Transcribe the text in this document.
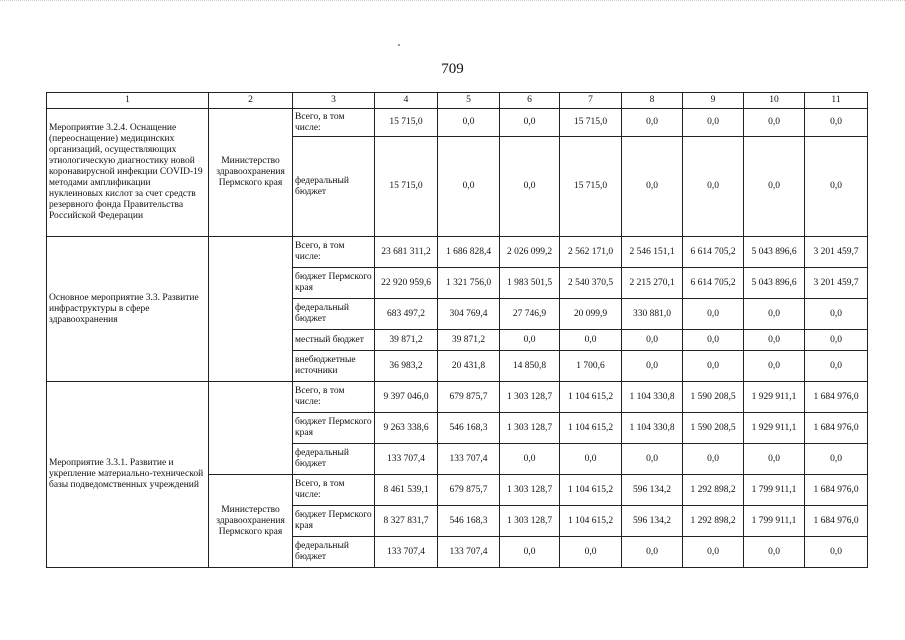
709
1	2	3	4	5	6	7	8	9	10	11
Мероприятие 3.2.4. Оснащение (переоснащение) медицинских организаций, осуществляющих этиологическую диагностику новой коронавирусной инфекции COVID-19 методами амплификации нуклеиновых кислот за счет средств резервного фонда Правительства Российской Федерации	Министерство здравоохранения Пермского края	Всего, в том числе:	15 715,0	0,0	0,0	15 715,0	0,0	0,0	0,0	0,0
		федеральный бюджет	15 715,0	0,0	0,0	15 715,0	0,0	0,0	0,0	0,0
Основное мероприятие 3.3. Развитие инфраструктуры в сфере здравоохранения		Всего, в том числе:	23 681 311,2	1 686 828,4	2 026 099,2	2 562 171,0	2 546 151,1	6 614 705,2	5 043 896,6	3 201 459,7
		бюджет Пермского края	22 920 959,6	1 321 756,0	1 983 501,5	2 540 370,5	2 215 270,1	6 614 705,2	5 043 896,6	3 201 459,7
		федеральный бюджет	683 497,2	304 769,4	27 746,9	20 099,9	330 881,0	0,0	0,0	0,0
		местный бюджет	39 871,2	39 871,2	0,0	0,0	0,0	0,0	0,0	0,0
		внебюджетные источники	36 983,2	20 431,8	14 850,8	1 700,6	0,0	0,0	0,0	0,0
Мероприятие 3.3.1. Развитие и укрепление материально-технической базы подведомственных учреждений		Всего, в том числе:	9 397 046,0	679 875,7	1 303 128,7	1 104 615,2	1 104 330,8	1 590 208,5	1 929 911,1	1 684 976,0
		бюджет Пермского края	9 263 338,6	546 168,3	1 303 128,7	1 104 615,2	1 104 330,8	1 590 208,5	1 929 911,1	1 684 976,0
		федеральный бюджет	133 707,4	133 707,4	0,0	0,0	0,0	0,0	0,0	0,0
	Министерство здравоохранения Пермского края	Всего, в том числе:	8 461 539,1	679 875,7	1 303 128,7	1 104 615,2	596 134,2	1 292 898,2	1 799 911,1	1 684 976,0
		бюджет Пермского края	8 327 831,7	546 168,3	1 303 128,7	1 104 615,2	596 134,2	1 292 898,2	1 799 911,1	1 684 976,0
		федеральный бюджет	133 707,4	133 707,4	0,0	0,0	0,0	0,0	0,0	0,0
